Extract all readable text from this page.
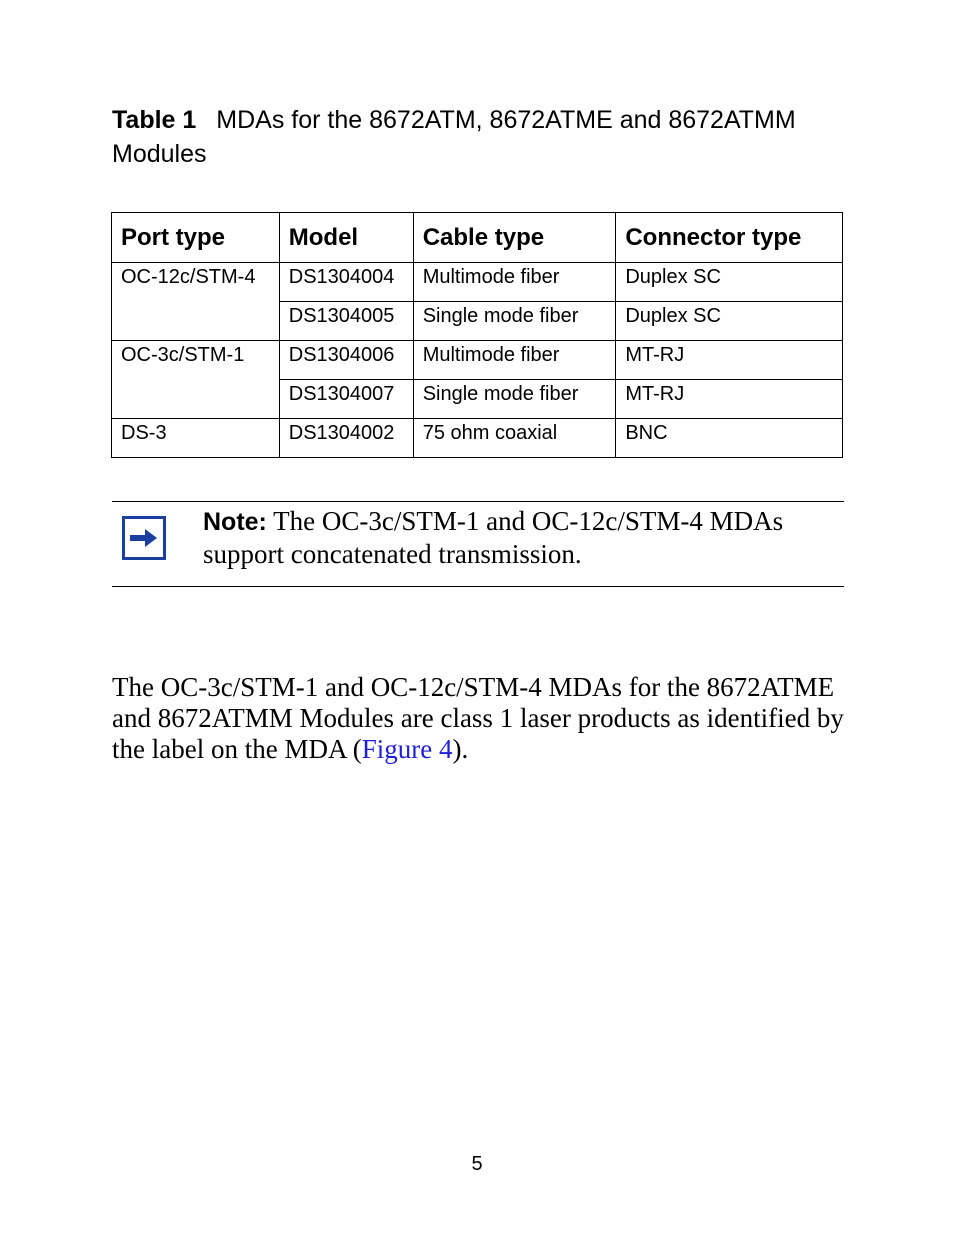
Table 1 MDAs for the 8672ATM, 8672ATME and 8672ATMM Modules
Port type	Model	Cable type	Connector type
OC-12c/STM-4	DS1304004	Multimode fiber	Duplex SC
	DS1304005	Single mode fiber	Duplex SC
OC-3c/STM-1	DS1304006	Multimode fiber	MT-RJ
	DS1304007	Single mode fiber	MT-RJ
DS-3	DS1304002	75 ohm coaxial	BNC
Note: The OC-3c/STM-1 and OC-12c/STM-4 MDAs support concatenated transmission.

The OC-3c/STM-1 and OC-12c/STM-4 MDAs for the 8672ATME and 8672ATMM Modules are class 1 laser products as identified by the label on the MDA (Figure 4).

5
